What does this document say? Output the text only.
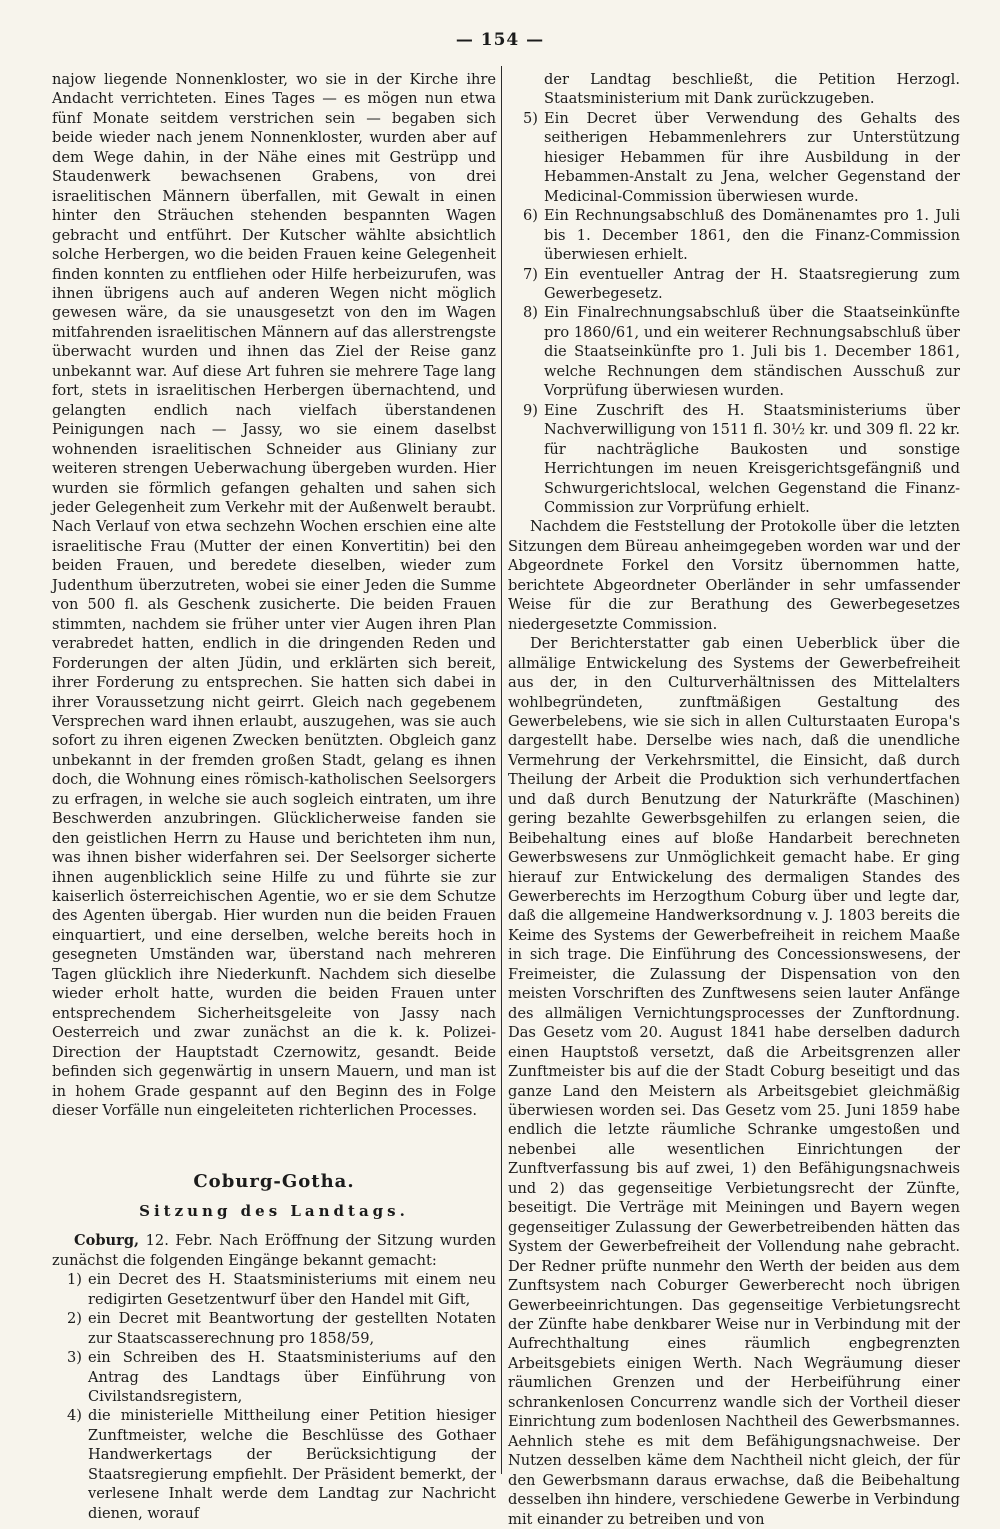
— 154 —

najow liegende Nonnenkloster, wo sie in der Kirche ihre Andacht verrichteten. Eines Tages — es mögen nun etwa fünf Monate seitdem verstrichen sein — begaben sich beide wieder nach jenem Nonnenkloster, wurden aber auf dem Wege dahin, in der Nähe eines mit Gestrüpp und Staudenwerk bewachsenen Grabens, von drei israelitischen Männern überfallen, mit Gewalt in einen hinter den Sträuchen stehenden bespannten Wagen gebracht und entführt. Der Kutscher wählte absichtlich solche Herbergen, wo die beiden Frauen keine Gelegenheit finden konnten zu entfliehen oder Hilfe herbeizurufen, was ihnen übrigens auch auf anderen Wegen nicht möglich gewesen wäre, da sie unausgesetzt von den im Wagen mitfahrenden israelitischen Männern auf das allerstrengste überwacht wurden und ihnen das Ziel der Reise ganz unbekannt war. Auf diese Art fuhren sie mehrere Tage lang fort, stets in israelitischen Herbergen übernachtend, und gelangten endlich nach vielfach überstandenen Peinigungen nach — Jassy, wo sie einem daselbst wohnenden israelitischen Schneider aus Gliniany zur weiteren strengen Ueberwachung übergeben wurden. Hier wurden sie förmlich gefangen gehalten und sahen sich jeder Gelegenheit zum Verkehr mit der Außenwelt beraubt. Nach Verlauf von etwa sechzehn Wochen erschien eine alte israelitische Frau (Mutter der einen Konvertitin) bei den beiden Frauen, und beredete dieselben, wieder zum Judenthum überzutreten, wobei sie einer Jeden die Summe von 500 fl. als Geschenk zusicherte. Die beiden Frauen stimmten, nachdem sie früher unter vier Augen ihren Plan verabredet hatten, endlich in die dringenden Reden und Forderungen der alten Jüdin, und erklärten sich bereit, ihrer Forderung zu entsprechen. Sie hatten sich dabei in ihrer Voraussetzung nicht geirrt. Gleich nach gegebenem Versprechen ward ihnen erlaubt, auszugehen, was sie auch sofort zu ihren eigenen Zwecken benützten. Obgleich ganz unbekannt in der fremden großen Stadt, gelang es ihnen doch, die Wohnung eines römisch-katholischen Seelsorgers zu erfragen, in welche sie auch sogleich eintraten, um ihre Beschwerden anzubringen. Glücklicherweise fanden sie den geistlichen Herrn zu Hause und berichteten ihm nun, was ihnen bisher widerfahren sei. Der Seelsorger sicherte ihnen augenblicklich seine Hilfe zu und führte sie zur kaiserlich österreichischen Agentie, wo er sie dem Schutze des Agenten übergab. Hier wurden nun die beiden Frauen einquartiert, und eine derselben, welche bereits hoch in gesegneten Umständen war, überstand nach mehreren Tagen glücklich ihre Niederkunft. Nachdem sich dieselbe wieder erholt hatte, wurden die beiden Frauen unter entsprechendem Sicherheitsgeleite von Jassy nach Oesterreich und zwar zunächst an die k. k. Polizei-Direction der Hauptstadt Czernowitz, gesandt. Beide befinden sich gegenwärtig in unsern Mauern, und man ist in hohem Grade gespannt auf den Beginn des in Folge dieser Vorfälle nun eingeleiteten richterlichen Processes.

Coburg-Gotha.
Sitzung des Landtags.

Coburg, 12. Febr. Nach Eröffnung der Sitzung wurden zunächst die folgenden Eingänge bekannt gemacht:

1) ein Decret des H. Staatsministeriums mit einem neu redigirten Gesetzentwurf über den Handel mit Gift,
2) ein Decret mit Beantwortung der gestellten Notaten zur Staatscasserechnung pro 1858/59,
3) ein Schreiben des H. Staatsministeriums auf den Antrag des Landtags über Einführung von Civilstandsregistern,
4) die ministerielle Mittheilung einer Petition hiesiger Zunftmeister, welche die Beschlüsse des Gothaer Handwerkertags der Berücksichtigung der Staatsregierung empfiehlt. Der Präsident bemerkt, der verlesene Inhalt werde dem Landtag zur Nachricht dienen, worauf
der Landtag beschließt, die Petition Herzogl. Staatsministerium mit Dank zurückzugeben.
5) Ein Decret über Verwendung des Gehalts des seitherigen Hebammenlehrers zur Unterstützung hiesiger Hebammen für ihre Ausbildung in der Hebammen-Anstalt zu Jena, welcher Gegenstand der Medicinal-Commission überwiesen wurde.
6) Ein Rechnungsabschluß des Domänenamtes pro 1. Juli bis 1. December 1861, den die Finanz-Commission überwiesen erhielt.
7) Ein eventueller Antrag der H. Staatsregierung zum Gewerbegesetz.
8) Ein Finalrechnungsabschluß über die Staatseinkünfte pro 1860/61, und ein weiterer Rechnungsabschluß über die Staatseinkünfte pro 1. Juli bis 1. December 1861, welche Rechnungen dem ständischen Ausschuß zur Vorprüfung überwiesen wurden.
9) Eine Zuschrift des H. Staatsministeriums über Nachverwilligung von 1511 fl. 30½ kr. und 309 fl. 22 kr. für nachträgliche Baukosten und sonstige Herrichtungen im neuen Kreisgerichtsgefängniß und Schwurgerichtslocal, welchen Gegenstand die Finanz-Commission zur Vorprüfung erhielt.

Nachdem die Feststellung der Protokolle über die letzten Sitzungen dem Büreau anheimgegeben worden war und der Abgeordnete Forkel den Vorsitz übernommen hatte, berichtete Abgeordneter Oberländer in sehr umfassender Weise für die zur Berathung des Gewerbegesetzes niedergesetzte Commission.

Der Berichterstatter gab einen Ueberblick über die allmälige Entwickelung des Systems der Gewerbefreiheit aus der, in den Culturverhältnissen des Mittelalters wohlbegründeten, zunftmäßigen Gestaltung des Gewerbelebens, wie sie sich in allen Culturstaaten Europa's dargestellt habe. Derselbe wies nach, daß die unendliche Vermehrung der Verkehrsmittel, die Einsicht, daß durch Theilung der Arbeit die Produktion sich verhundertfachen und daß durch Benutzung der Naturkräfte (Maschinen) gering bezahlte Gewerbsgehilfen zu erlangen seien, die Beibehaltung eines auf bloße Handarbeit berechneten Gewerbswesens zur Unmöglichkeit gemacht habe. Er ging hierauf zur Entwickelung des dermaligen Standes des Gewerberechts im Herzogthum Coburg über und legte dar, daß die allgemeine Handwerksordnung v. J. 1803 bereits die Keime des Systems der Gewerbefreiheit in reichem Maaße in sich trage. Die Einführung des Concessionswesens, der Freimeister, die Zulassung der Dispensation von den meisten Vorschriften des Zunftwesens seien lauter Anfänge des allmäligen Vernichtungsprocesses der Zunftordnung. Das Gesetz vom 20. August 1841 habe derselben dadurch einen Hauptstoß versetzt, daß die Arbeitsgrenzen aller Zunftmeister bis auf die der Stadt Coburg beseitigt und das ganze Land den Meistern als Arbeitsgebiet gleichmäßig überwiesen worden sei. Das Gesetz vom 25. Juni 1859 habe endlich die letzte räumliche Schranke umgestoßen und nebenbei alle wesentlichen Einrichtungen der Zunftverfassung bis auf zwei, 1) den Befähigungsnachweis und 2) das gegenseitige Verbietungsrecht der Zünfte, beseitigt. Die Verträge mit Meiningen und Bayern wegen gegenseitiger Zulassung der Gewerbetreibenden hätten das System der Gewerbefreiheit der Vollendung nahe gebracht. Der Redner prüfte nunmehr den Werth der beiden aus dem Zunftsystem nach Coburger Gewerberecht noch übrigen Gewerbeeinrichtungen. Das gegenseitige Verbietungsrecht der Zünfte habe denkbarer Weise nur in Verbindung mit der Aufrechthaltung eines räumlich engbegrenzten Arbeitsgebiets einigen Werth. Nach Wegräumung dieser räumlichen Grenzen und der Herbeiführung einer schrankenlosen Concurrenz wandle sich der Vortheil dieser Einrichtung zum bodenlosen Nachtheil des Gewerbsmannes. Aehnlich stehe es mit dem Befähigungsnachweise. Der Nutzen desselben käme dem Nachtheil nicht gleich, der für den Gewerbsmann daraus erwachse, daß die Beibehaltung desselben ihn hindere, verschiedene Gewerbe in Verbindung mit einander zu betreiben und von
